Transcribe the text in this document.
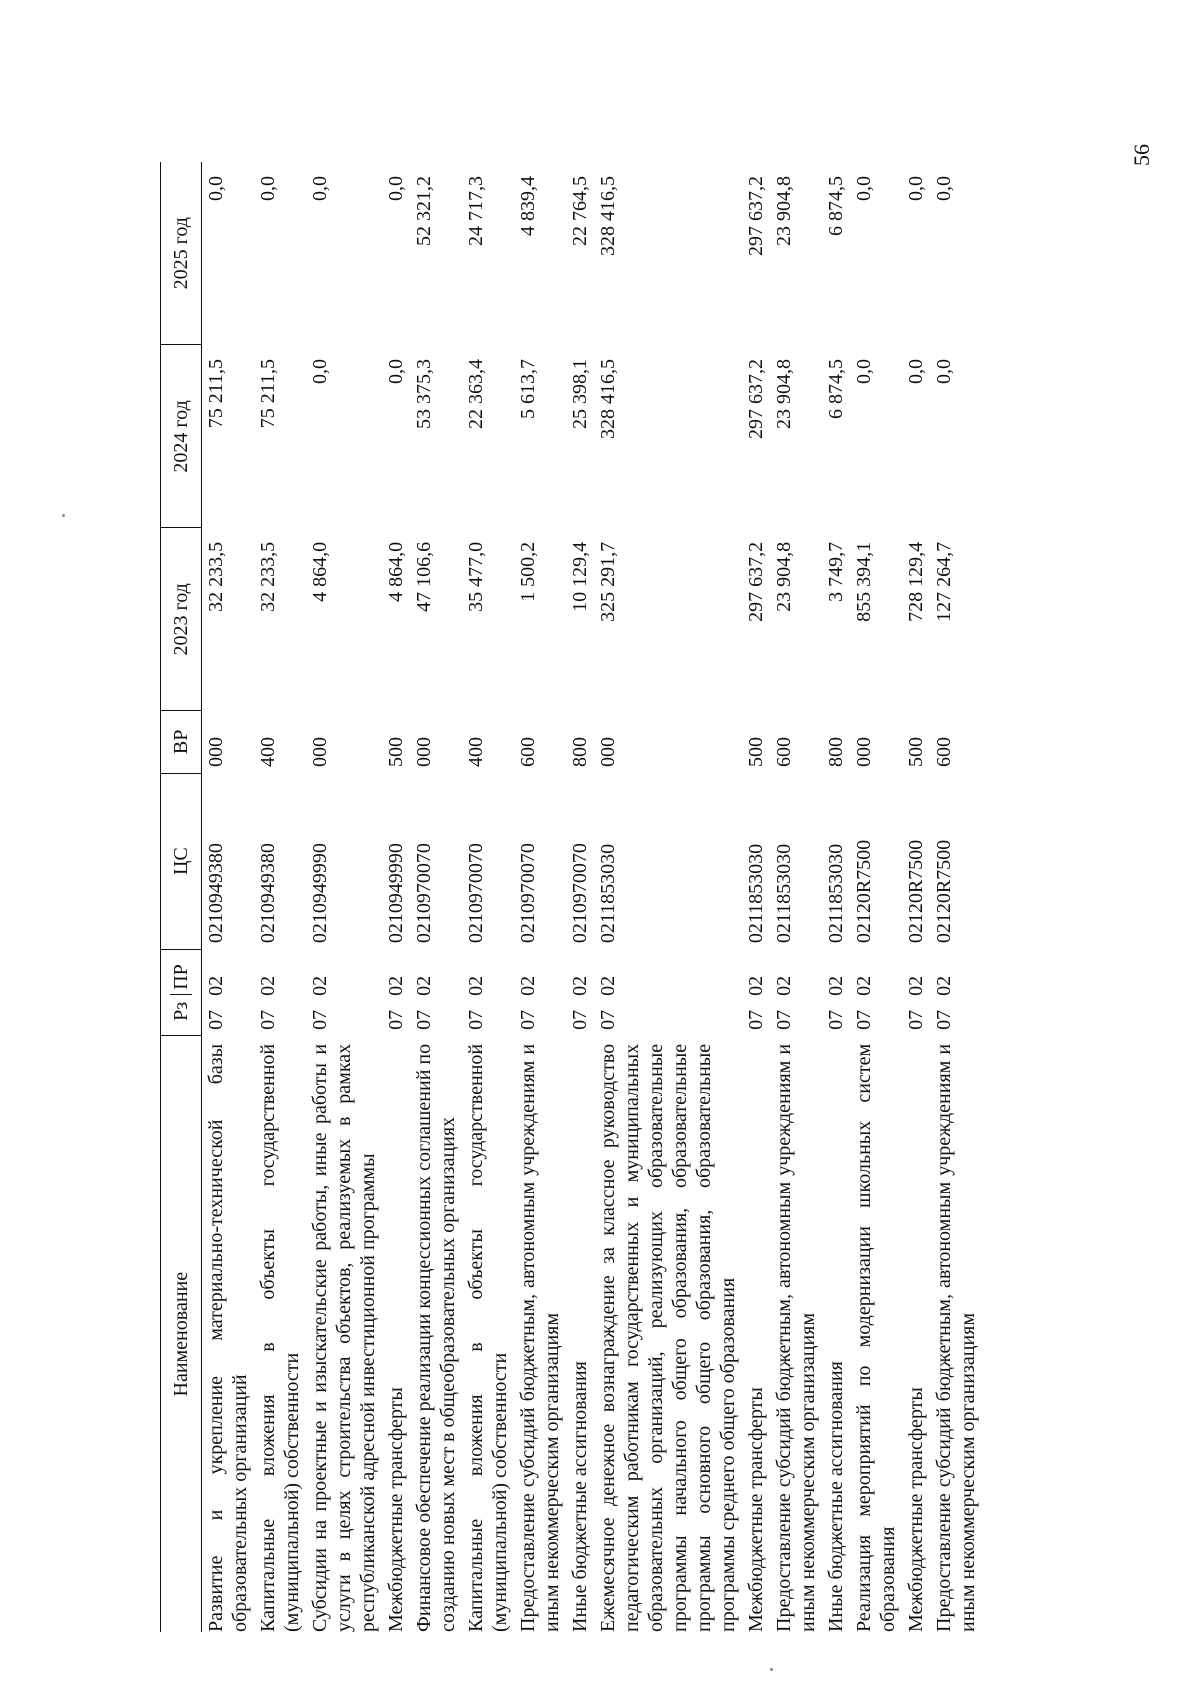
56
Наименование	Рз ПР	ЦС	ВР	2023 год	2024 год	2025 год
Развитие и укрепление материально-технической базы образовательных организаций	0702	0210949380	000	32 233,5	75 211,5	0,0
Капитальные вложения в объекты государственной (муниципальной) собственности	0702	0210949380	400	32 233,5	75 211,5	0,0
Субсидии на проектные и изыскательские работы, иные работы и услуги в целях строительства объектов, реализуемых в рамках республиканской адресной инвестиционной программы	0702	0210949990	000	4 864,0	0,0	0,0
Межбюджетные трансферты	0702	0210949990	500	4 864,0	0,0	0,0
Финансовое обеспечение реализации концессионных соглашений по созданию новых мест в общеобразовательных организациях	0702	0210970070	000	47 106,6	53 375,3	52 321,2
Капитальные вложения в объекты государственной (муниципальной) собственности	0702	0210970070	400	35 477,0	22 363,4	24 717,3
Предоставление субсидий бюджетным, автономным учреждениям и иным некоммерческим организациям	0702	0210970070	600	1 500,2	5 613,7	4 839,4
Иные бюджетные ассигнования	0702	0210970070	800	10 129,4	25 398,1	22 764,5
Ежемесячное денежное вознаграждение за классное руководство педагогическим работникам государственных и муниципальных образовательных организаций, реализующих образовательные программы начального общего образования, образовательные программы основного общего образования, образовательные программы среднего общего образования	0702	0211853030	000	325 291,7	328 416,5	328 416,5
Межбюджетные трансферты	0702	0211853030	500	297 637,2	297 637,2	297 637,2
Предоставление субсидий бюджетным, автономным учреждениям и иным некоммерческим организациям	0702	0211853030	600	23 904,8	23 904,8	23 904,8
Иные бюджетные ассигнования	0702	0211853030	800	3 749,7	6 874,5	6 874,5
Реализация мероприятий по модернизации школьных систем образования	0702	02120R7500	000	855 394,1	0,0	0,0
Межбюджетные трансферты	0702	02120R7500	500	728 129,4	0,0	0,0
Предоставление субсидий бюджетным, автономным учреждениям и иным некоммерческим организациям	0702	02120R7500	600	127 264,7	0,0	0,0
